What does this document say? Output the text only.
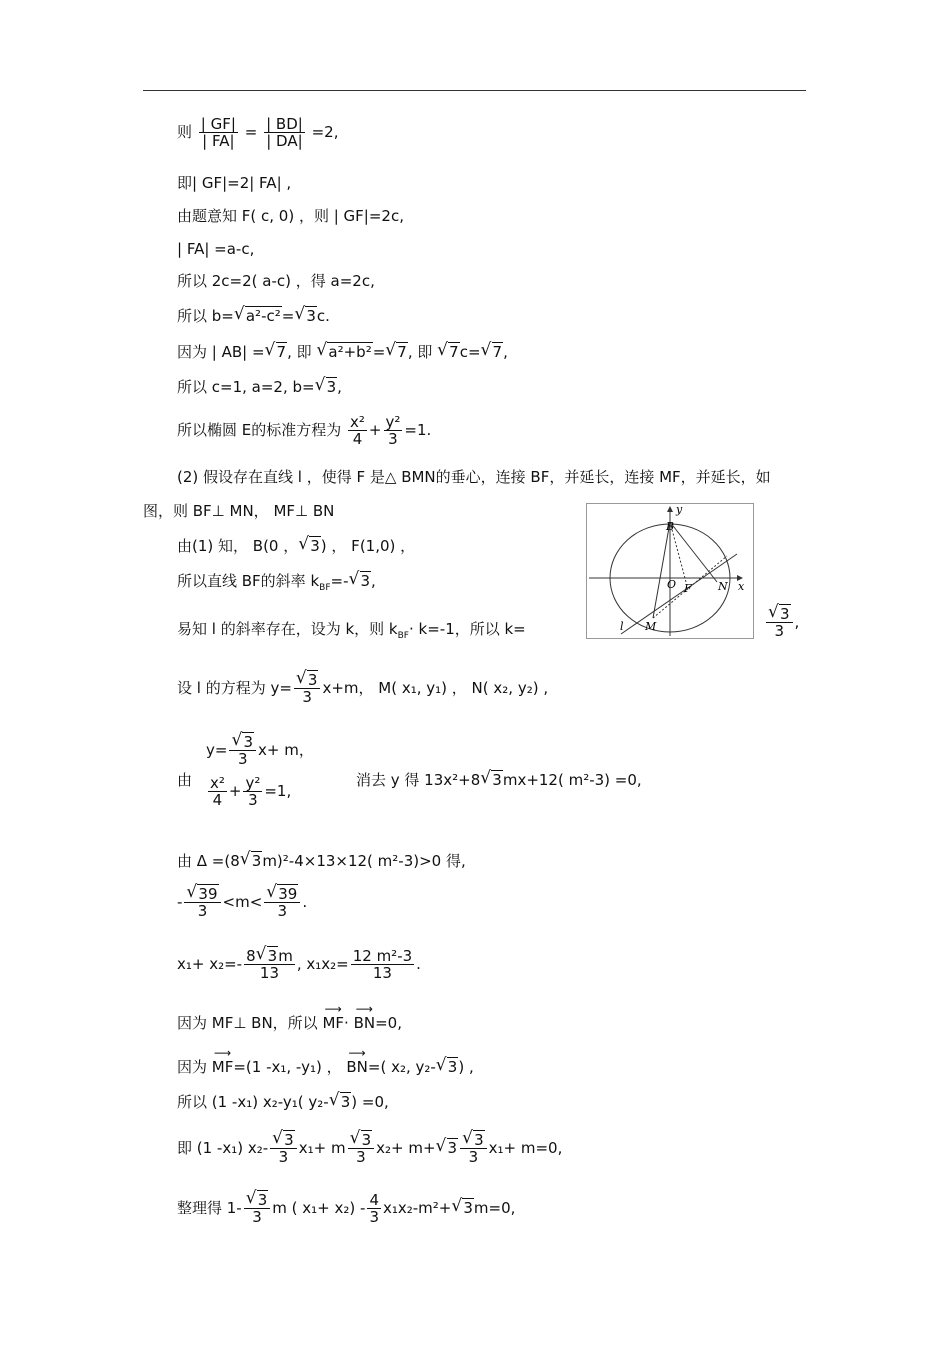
则 $\frac{| GF|}{| FA|} = \frac{| BD|}{| DA|} =2$,
即| GF|=2| FA| ,
由题意知 F( c, 0) ，则 | GF|=2c,
| FA| =a-c,
所以 2c=2( a-c) ，得 a=2c,
所以 b=√ a²-c²=√ 3c.
因为 | AB| =√ 7, 即 √ a²+b²=√ 7, 即 √ 7c=√ 7,
所以 c=1, a=2, b=√ 3,
所以椭圆 E的标准方程为 $\frac{\text{x²}}{4} + \frac{\text{y²}}{3} =1$.
(2) 假设存在直线 l ，使得 F 是△ BMN的垂心，连接 BF，并延长，连接 MF，并延长，如
图，则 BF⊥ MN， MF⊥ BN
由(1) 知， B(0 ，√ 3) ， F(1,0) ，
所以直线 BF的斜率 $k_{BF}=-√$ 3,
易知 l 的斜率存在，设为 k，则 $k_{BF}\cdot k=-1$，所以 k=
√	$\frac{3}{3}$ ,
y
x
B
O F N
M
l
设 l 的方程为 y=
√ $\frac{3}{3} x+m$， M( x₁, y₁) ， N( x₂, y₂) ,
由
y=
√ $\frac{3}{3} x+ m$，
$\frac{\text{x²}}{4} + \frac{\text{y²}}{3} =1$,
消去 y 得 13x²+8√ 3mx+12( m²-3) =0,
由 Δ =(8√ 3m)²-4×13×12( m²-3)>0 得,
-
√ $\frac{39}{3} <m<$
√ $\frac{39}{3}$ .
$x_1+ x_2=- \frac{8√ 3m}{13}$ , $x_1x_2= \frac{\text{12 m²-3}}{13}$ .
因为 MF⊥ BN，所以 ⟶ MF· ⟶ BN=0,
因为 ⟶ MF=(1 -x₁, -y₁) ， ⟶ BN=( x₂, y₂-√ 3) ,
所以 (1 -x₁) x₂-y₁( y₂-√ 3) =0,
即 (1 -x₁) x₂-
√ $\frac{3}{3} x_1+ m$
√ $\frac{3}{3} x_2+ m+√$ 3
√ $\frac{3}{3} x_1+ m=0$,
整理得 1-
√ $\frac{3}{3}$ m ( $x_1+ x_2) - \frac{4}{3} x_1x_2-m^2+√$ 3m=0,
